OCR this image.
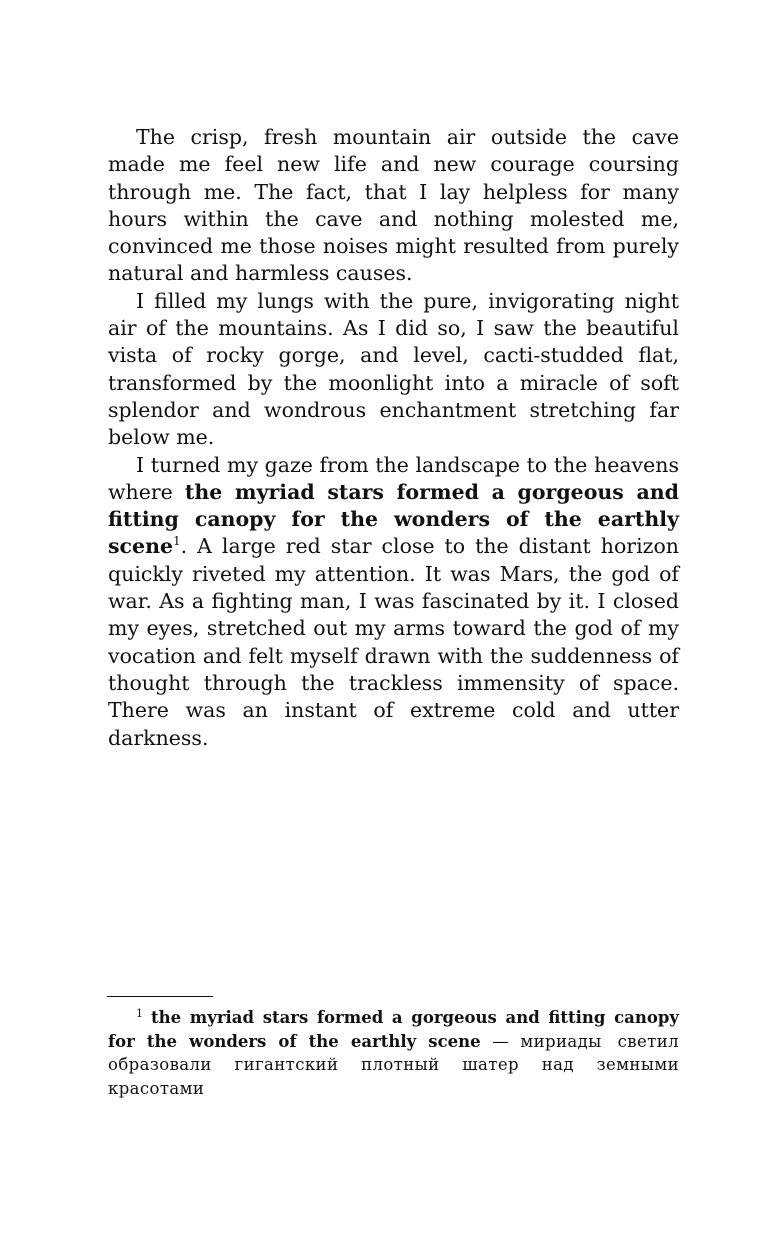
The crisp, fresh mountain air outside the cave made me feel new life and new courage coursing through me. The fact, that I lay helpless for many hours within the cave and nothing molested me, convinced me those noises might resulted from purely natural and harmless causes.

I filled my lungs with the pure, invigorating night air of the mountains. As I did so, I saw the beautiful vista of rocky gorge, and level, cacti-studded flat, transformed by the moonlight into a miracle of soft splendor and wondrous enchantment stretching far below me.

I turned my gaze from the landscape to the heavens where the myriad stars formed a gorgeous and fitting canopy for the wonders of the earthly scene$^1$. A large red star close to the distant horizon quickly riveted my attention. It was Mars, the god of war. As a fighting man, I was fascinated by it. I closed my eyes, stretched out my arms toward the god of my vocation and felt myself drawn with the suddenness of thought through the trackless immensity of space. There was an instant of extreme cold and utter darkness.

$^1$ the myriad stars formed a gorgeous and fitting canopy for the wonders of the earthly scene — мириады светил образовали гигантский плотный шатер над земными красотами
